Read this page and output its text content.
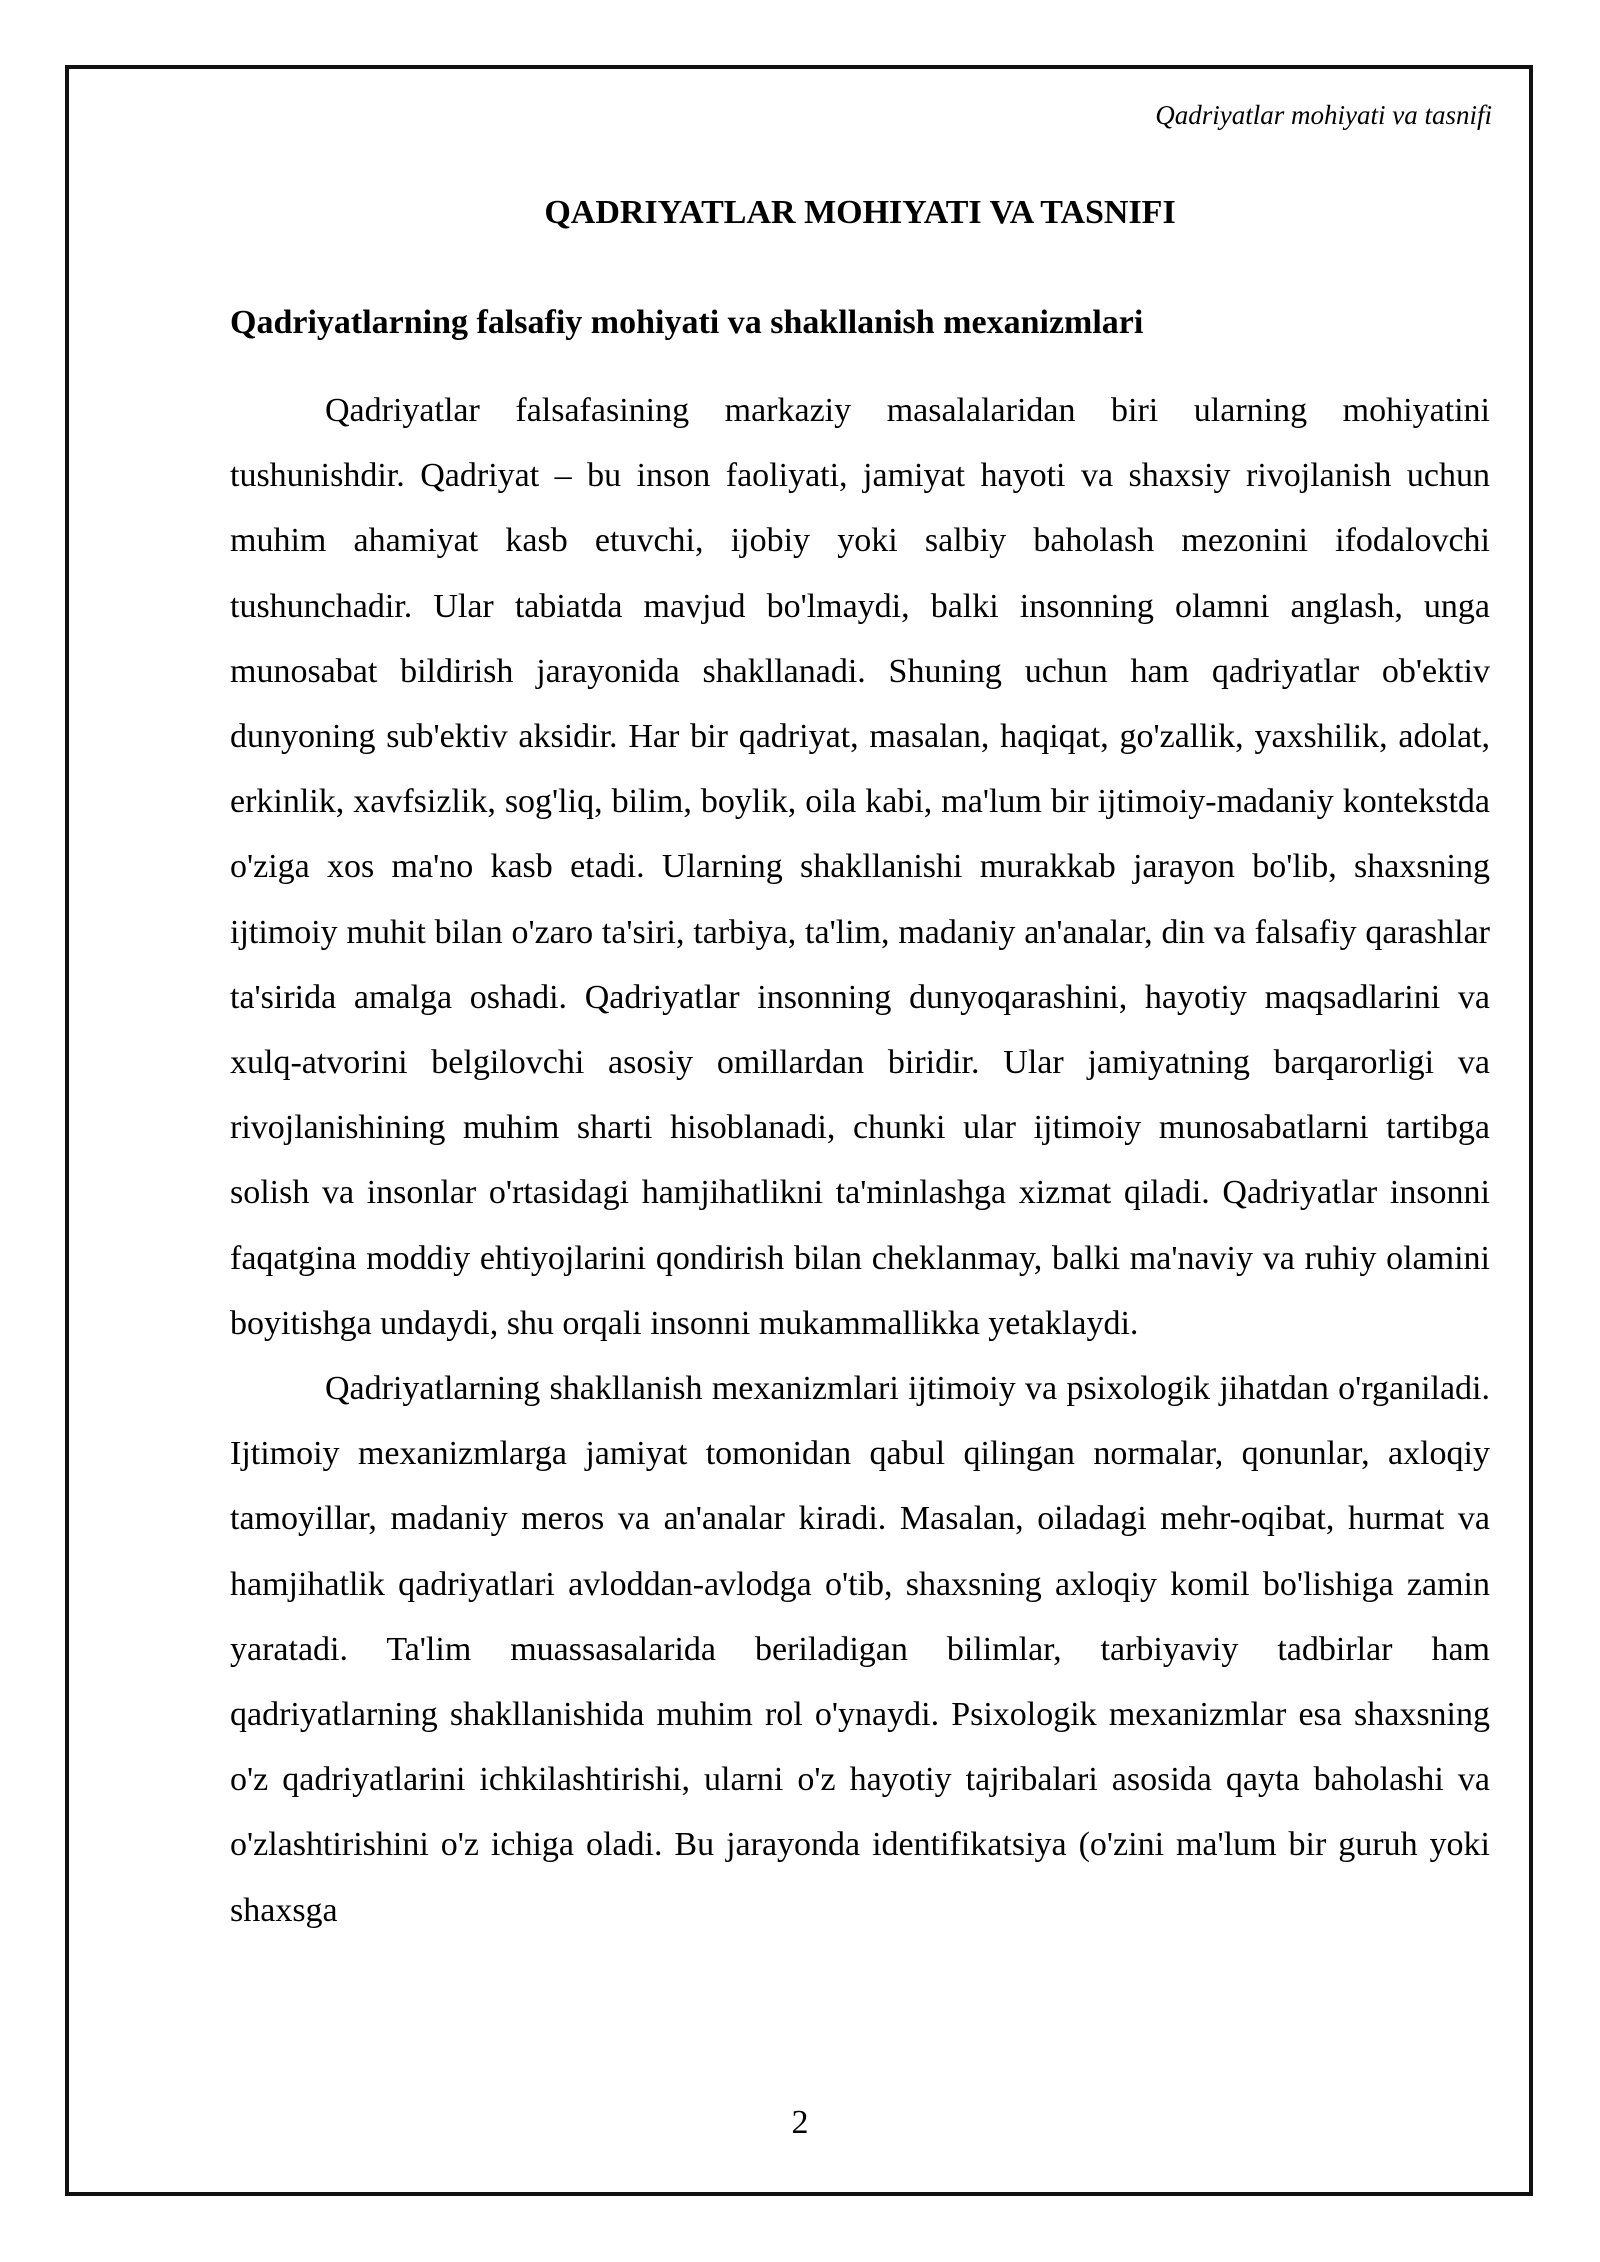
Qadriyatlar mohiyati va tasnifi

QADRIYATLAR MOHIYATI VA TASNIFI
Qadriyatlarning falsafiy mohiyati va shakllanish mexanizmlari

Qadriyatlar falsafasining markaziy masalalaridan biri ularning mohiyatini tushunishdir. Qadriyat – bu inson faoliyati, jamiyat hayoti va shaxsiy rivojlanish uchun muhim ahamiyat kasb etuvchi, ijobiy yoki salbiy baholash mezonini ifodalovchi tushunchadir. Ular tabiatda mavjud bo'lmaydi, balki insonning olamni anglash, unga munosabat bildirish jarayonida shakllanadi. Shuning uchun ham qadriyatlar ob'ektiv dunyoning sub'ektiv aksidir. Har bir qadriyat, masalan, haqiqat, go'zallik, yaxshilik, adolat, erkinlik, xavfsizlik, sog'liq, bilim, boylik, oila kabi, ma'lum bir ijtimoiy-madaniy kontekstda o'ziga xos ma'no kasb etadi. Ularning shakllanishi murakkab jarayon bo'lib, shaxsning ijtimoiy muhit bilan o'zaro ta'siri, tarbiya, ta'lim, madaniy an'analar, din va falsafiy qarashlar ta'sirida amalga oshadi. Qadriyatlar insonning dunyoqarashini, hayotiy maqsadlarini va xulq-atvorini belgilovchi asosiy omillardan biridir. Ular jamiyatning barqarorligi va rivojlanishining muhim sharti hisoblanadi, chunki ular ijtimoiy munosabatlarni tartibga solish va insonlar o'rtasidagi hamjihatlikni ta'minlashga xizmat qiladi. Qadriyatlar insonni faqatgina moddiy ehtiyojlarini qondirish bilan cheklanmay, balki ma'naviy va ruhiy olamini boyitishga undaydi, shu orqali insonni mukammallikka yetaklaydi.

Qadriyatlarning shakllanish mexanizmlari ijtimoiy va psixologik jihatdan o'rganiladi. Ijtimoiy mexanizmlarga jamiyat tomonidan qabul qilingan normalar, qonunlar, axloqiy tamoyillar, madaniy meros va an'analar kiradi. Masalan, oiladagi mehr-oqibat, hurmat va hamjihatlik qadriyatlari avloddan-avlodga o'tib, shaxsning axloqiy komil bo'lishiga zamin yaratadi. Ta'lim muassasalarida beriladigan bilimlar, tarbiyaviy tadbirlar ham qadriyatlarning shakllanishida muhim rol o'ynaydi. Psixologik mexanizmlar esa shaxsning o'z qadriyatlarini ichkilashtirishi, ularni o'z hayotiy tajribalari asosida qayta baholashi va o'zlashtirishini o'z ichiga oladi. Bu jarayonda identifikatsiya (o'zini ma'lum bir guruh yoki shaxsga

2
